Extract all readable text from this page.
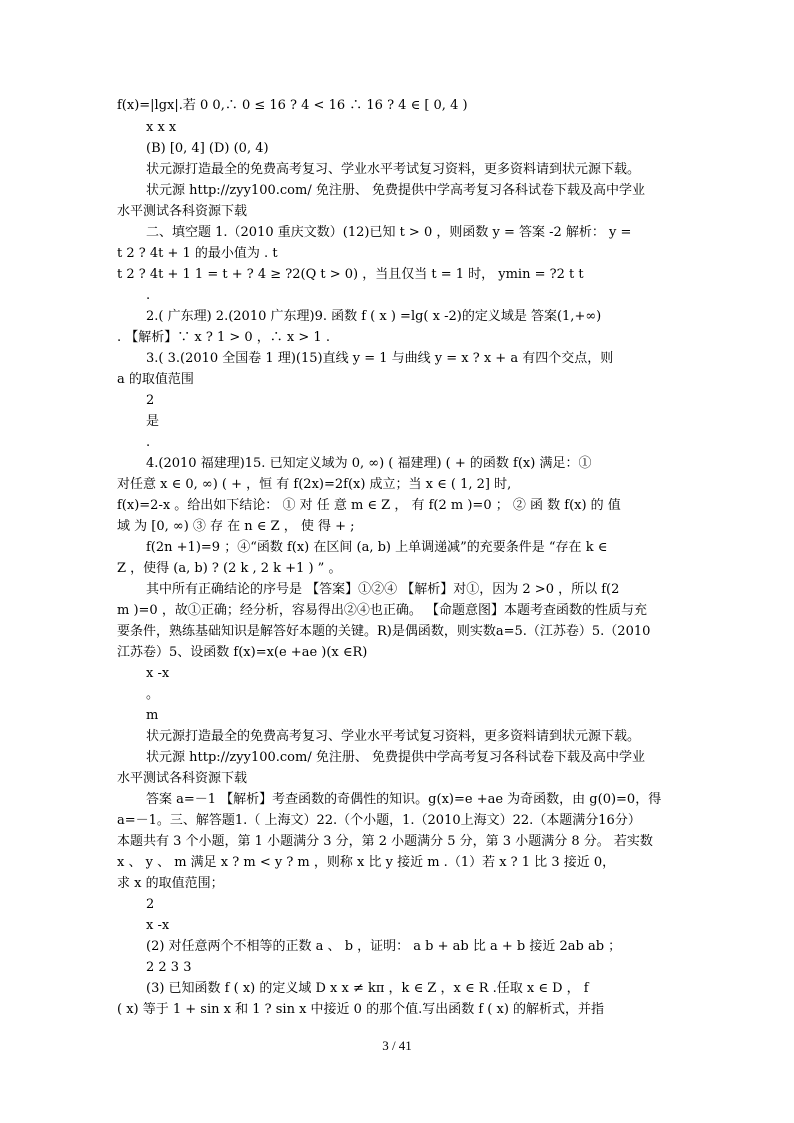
f(x)=|lgx|.若 0 0,∴ 0 ≤ 16 ? 4 < 16 ∴ 16 ? 4 ∈ [ 0, 4 )
x x x
(B) [0, 4] (D) (0, 4)
状元源打造最全的免费高考复习、学业水平考试复习资料，更多资料请到状元源下载。
状元源 http://zyy100.com/ 免注册、 免费提供中学高考复习各科试卷下载及高中学业
水平测试各科资源下载
二、填空题 1.（2010 重庆文数）(12)已知 t > 0 ，则函数 y = 答案 -2 解析： y =
t 2 ? 4t + 1 的最小值为 . t
t 2 ? 4t + 1 1 = t + ? 4 ≥ ?2(Q t > 0) ，当且仅当 t = 1 时， ymin = ?2 t t
.
2.( 广东理) 2.(2010 广东理)9. 函数 f ( x ) =lg( x -2)的定义域是 答案(1,+∞)
. 【解析】∵ x ? 1 > 0 ，∴ x > 1 .
3.( 3.(2010 全国卷 1 理)(15)直线 y = 1 与曲线 y = x ? x + a 有四个交点，则
a 的取值范围
2
是
.
4.(2010 福建理)15. 已知定义域为 0, ∞) ( 福建理) ( + 的函数 f(x) 满足：①
对任意 x ∈ 0, ∞) ( + ，恒 有 f(2x)=2f(x) 成立；当 x ∈ ( 1, 2] 时,
f(x)=2-x 。给出如下结论： ① 对 任 意 m ∈ Z ， 有 f(2 m )=0 ； ② 函 数 f(x) 的 值
域 为 [0, ∞) ③ 存 在 n ∈ Z ， 使 得 + ;
f(2n +1)=9 ；④“函数 f(x) 在区间 (a, b) 上单调递减”的充要条件是 “存在 k ∈
Z ，使得 (a, b) ? (2 k , 2 k +1 ) ” 。
其中所有正确结论的序号是 【答案】①②④ 【解析】对①，因为 2 >0 ，所以 f(2
m )=0 ，故①正确；经分析，容易得出②④也正确。 【命题意图】本题考查函数的性质与充
要条件，熟练基础知识是解答好本题的关键。R)是偶函数，则实数a=5.（江苏卷）5.（2010
江苏卷）5、设函数 f(x)=x(e +ae )(x ∈R)
x -x
。
m
状元源打造最全的免费高考复习、学业水平考试复习资料，更多资料请到状元源下载。
状元源 http://zyy100.com/ 免注册、 免费提供中学高考复习各科试卷下载及高中学业
水平测试各科资源下载
答案 a=－1 【解析】考查函数的奇偶性的知识。g(x)=e +ae 为奇函数，由 g(0)=0，得
a=－1。三、解答题1.（ 上海文）22.（个小题，1.（2010上海文）22.（本题满分16分）
本题共有 3 个小题，第 1 小题满分 3 分，第 2 小题满分 5 分，第 3 小题满分 8 分。 若实数
x 、 y 、 m 满足 x ? m < y ? m ，则称 x 比 y 接近 m .（1）若 x ? 1 比 3 接近 0，
求 x 的取值范围；
2
x -x
(2) 对任意两个不相等的正数 a 、 b ，证明： a b + ab 比 a + b 接近 2ab ab ；
2 2 3 3
(3) 已知函数 f ( x) 的定义域 D x x ≠ kπ ，k ∈ Z ，x ∈ R .任取 x ∈ D ， f
( x) 等于 1 + sin x 和 1 ? sin x 中接近 0 的那个值.写出函数 f ( x) 的解析式，并指
3 / 41
